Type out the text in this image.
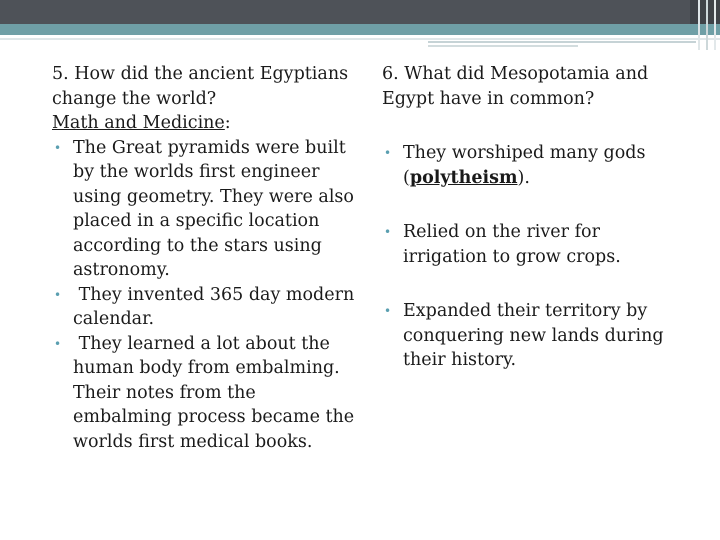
5. How did the ancient Egyptians change the world?

Math and Medicine:
• The Great pyramids were built by the worlds first engineer using geometry. They were also placed in a specific location according to the stars using astronomy.
• They invented 365 day modern calendar.
• They learned a lot about the human body from embalming. Their notes from the embalming process became the worlds first medical books.

6. What did Mesopotamia and Egypt have in common?

• They worshiped many gods (polytheism).
• Relied on the river for irrigation to grow crops.
• Expanded their territory by conquering new lands during their history.
